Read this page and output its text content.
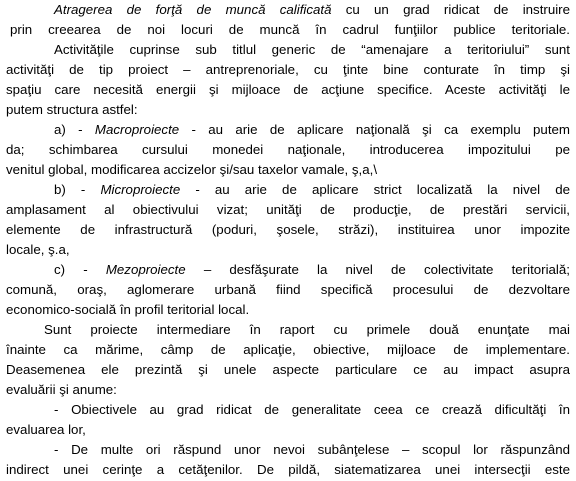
Atragerea de forţă de muncă calificată cu un grad ridicat de instruire
prin creearea de noi locuri de muncă în cadrul funţiilor publice teritoriale.
Activităţile cuprinse sub titlul generic de “amenajare a teritoriului” sunt
activităţi de tip proiect – antreprenoriale, cu ţinte bine conturate în timp şi
spaţiu care necesită energii şi mijloace de acţiune specifice. Aceste activităţi le
putem structura astfel:
a) - Macroproiecte - au arie de aplicare naţională şi ca exemplu putem
da; schimbarea cursului monedei naţionale, introducerea impozitului pe
venitul global, modificarea accizelor şi/sau taxelor vamale, ş,a,\
b) - Microproiecte - au arie de aplicare strict localizată la nivel de
amplasament al obiectivului vizat; unităţi de producţie, de prestări servicii,
elemente de infrastructură (poduri, şosele, străzi), instituirea unor impozite
locale, ş.a,
c) - Mezoproiecte – desfăşurate la nivel de colectivitate teritorială;
comună, oraş, aglomerare urbană fiind specifică procesului de dezvoltare
economico-socială în profil teritorial local.
Sunt proiecte intermediare în raport cu primele două enunţate mai
înainte ca mărime, câmp de aplicaţie, obiective, mijloace de implementare.
Deasemenea ele prezintă şi unele aspecte particulare ce au impact asupra
evaluării şi anume:
- Obiectivele au grad ridicat de generalitate ceea ce crează dificultăţi în
evaluarea lor,
- De multe ori răspund unor nevoi subânţelese – scopul lor răspunzând
indirect unei cerinţe a cetăţenilor. De pildă, siatematizarea unei intersecţii este
